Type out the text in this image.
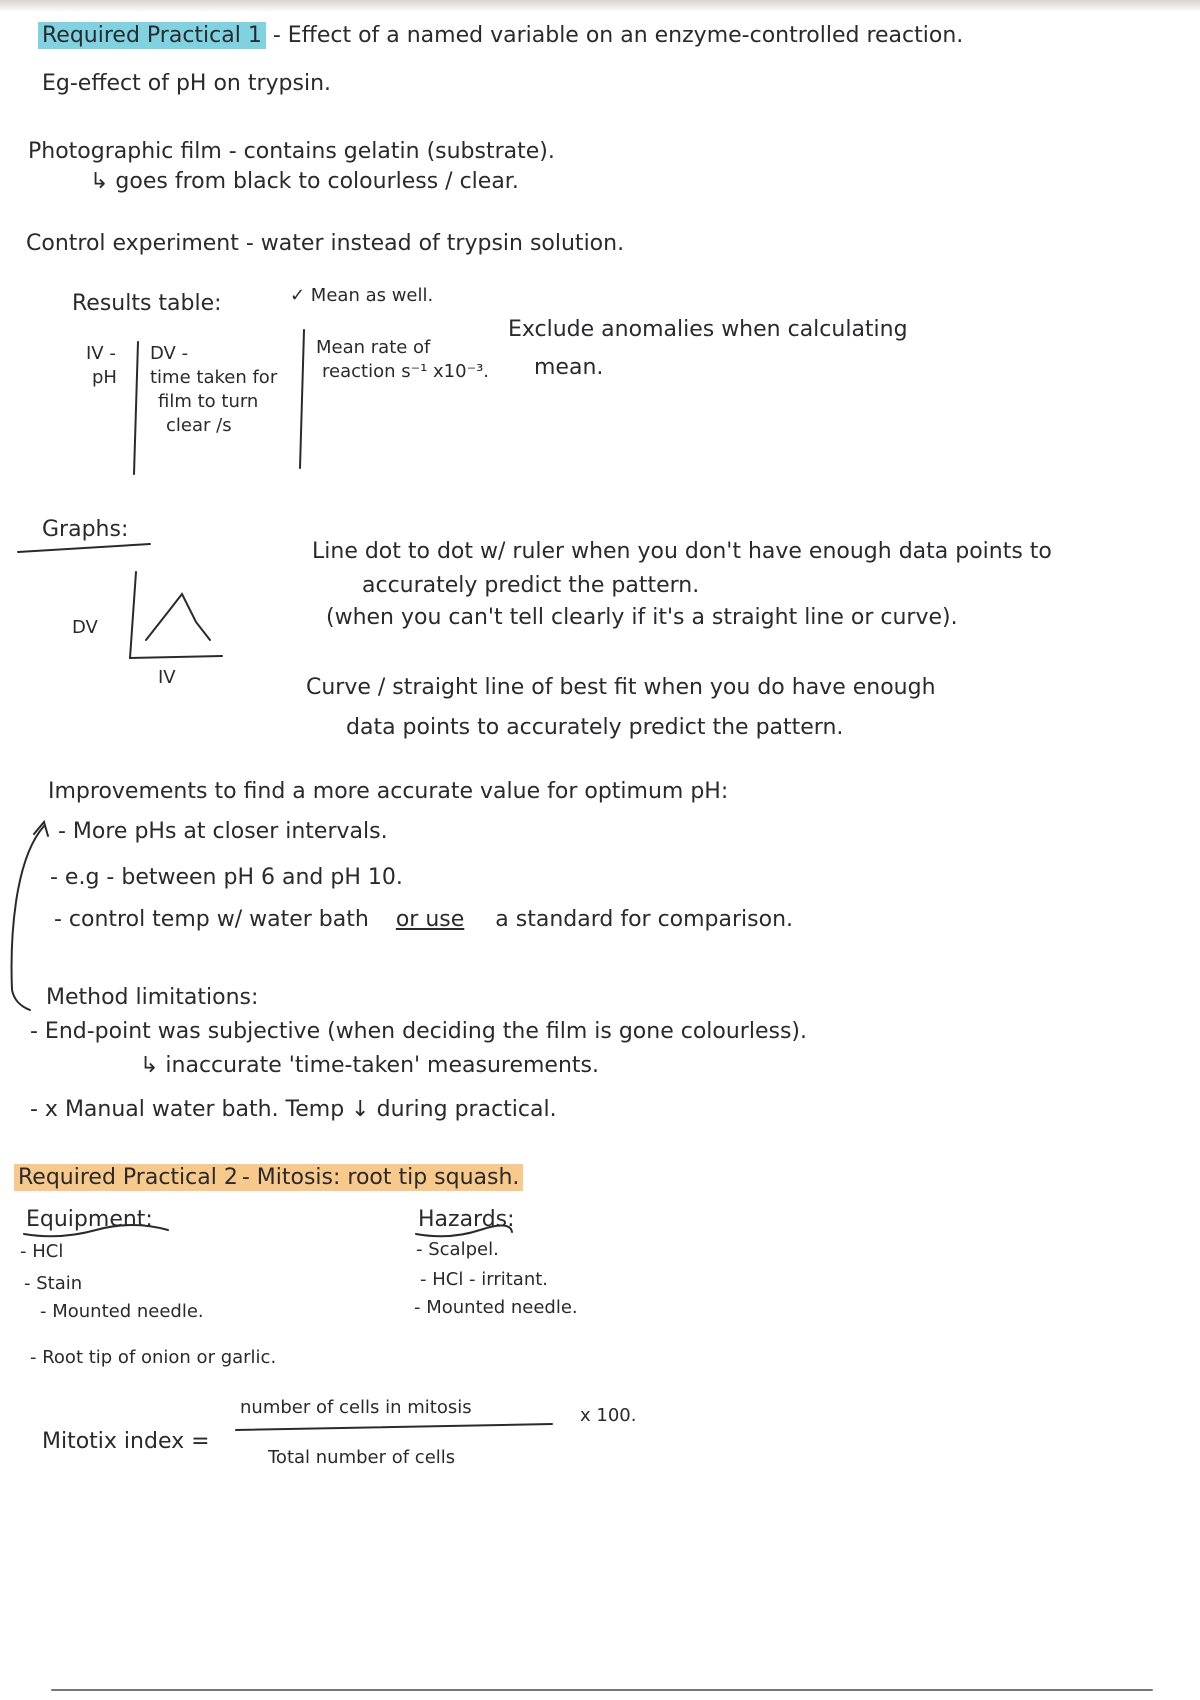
Required Practical 1 - Effect of a named variable on an enzyme-controlled reaction.
Eg-effect of pH on trypsin.
Photographic film - contains gelatin (substrate).
↳ goes from black to colourless / clear.
Control experiment - water instead of trypsin solution.
Results table:	✓ Mean as well.
IV -
pH
DV -
time taken for
film to turn
clear /s
Mean rate of
reaction s⁻¹ x10⁻³.
Exclude anomalies when calculating
mean.
Graphs:
DV
IV
Line dot to dot w/ ruler when you don't have enough data points to
accurately predict the pattern.
(when you can't tell clearly if it's a straight line or curve).
Curve / straight line of best fit when you do have enough
data points to accurately predict the pattern.
Improvements to find a more accurate value for optimum pH:
- More pHs at closer intervals.
- e.g - between pH 6 and pH 10.
- control temp w/ water bath or use a standard for comparison.
Method limitations:
- End-point was subjective (when deciding the film is gone colourless).
↳ inaccurate 'time-taken' measurements.
- x Manual water bath. Temp ↓ during practical.
Required Practical 2 - Mitosis: root tip squash.
Equipment:
- HCl
- Stain
- Mounted needle.
- Root tip of onion or garlic.
Hazards:
- Scalpel.
- HCl - irritant.
- Mounted needle.
Mitotix index =
number of cells in mitosis
Total number of cells
x 100.
